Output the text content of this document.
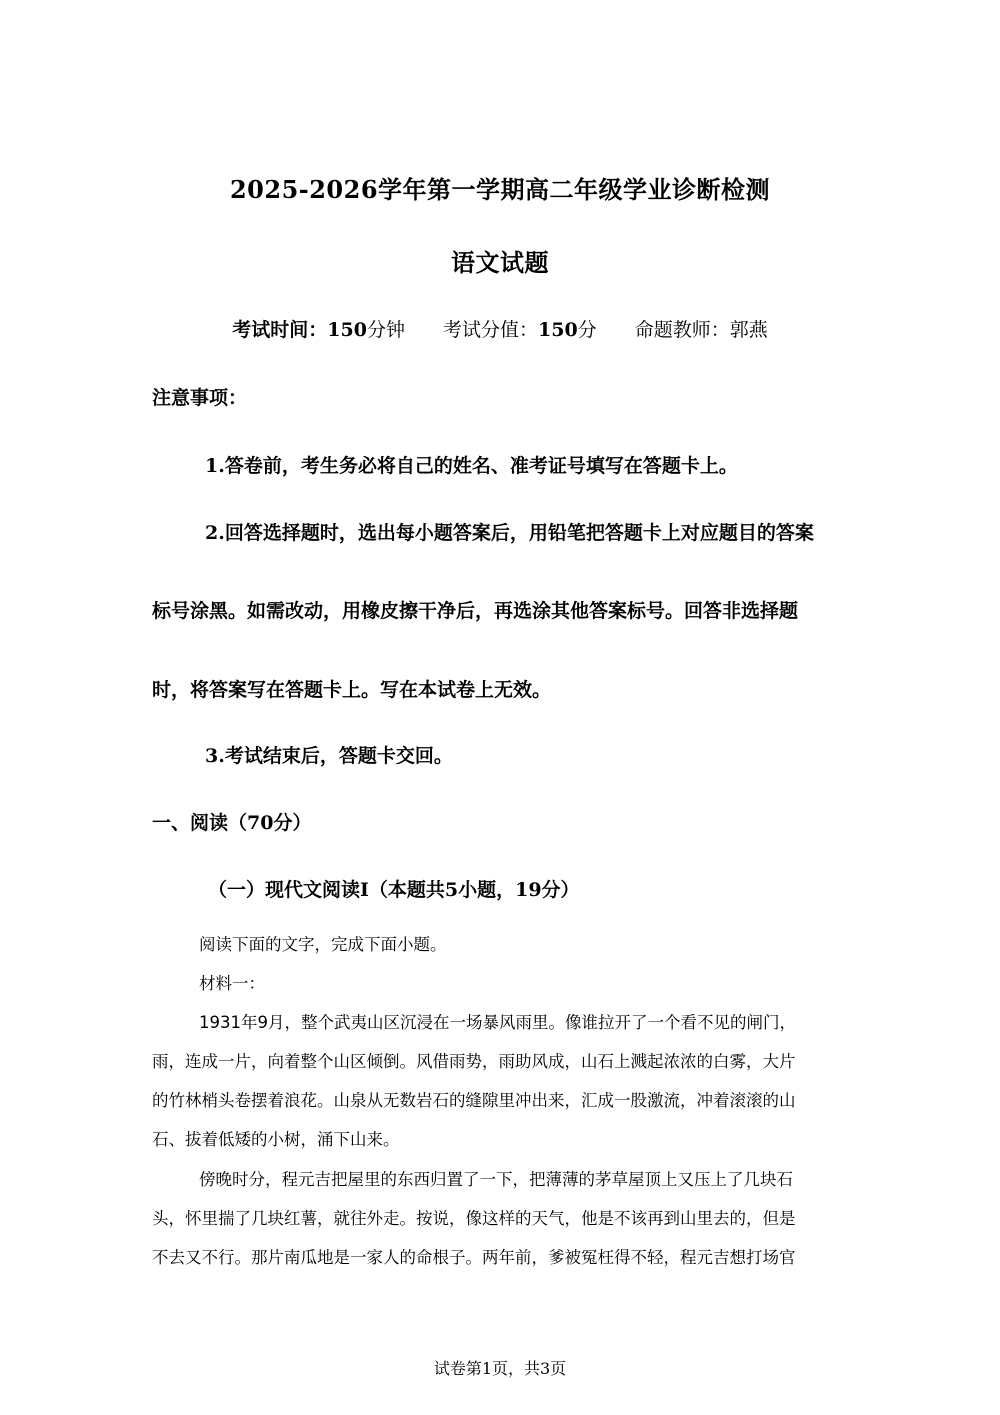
2025-2026学年第一学期高二年级学业诊断检测
语文试题
考试时间：150分钟 考试分值：150分 命题教师：郭燕
注意事项：
1.答卷前，考生务必将自己的姓名、准考证号填写在答题卡上。
2.回答选择题时，选出每小题答案后，用铅笔把答题卡上对应题目的答案
标号涂黑。如需改动，用橡皮擦干净后，再选涂其他答案标号。回答非选择题
时，将答案写在答题卡上。写在本试卷上无效。
3.考试结束后，答题卡交回。
一、阅读（70分）
（一）现代文阅读I（本题共5小题，19分）
阅读下面的文字，完成下面小题。
材料一：
1931年9月，整个武夷山区沉浸在一场暴风雨里。像谁拉开了一个看不见的闸门，
雨，连成一片，向着整个山区倾倒。风借雨势，雨助风成，山石上溅起浓浓的白雾，大片
的竹林梢头卷摆着浪花。山泉从无数岩石的缝隙里冲出来，汇成一股激流，冲着滚滚的山
石、拔着低矮的小树，涌下山来。
傍晚时分，程元吉把屋里的东西归置了一下，把薄薄的茅草屋顶上又压上了几块石
头，怀里揣了几块红薯，就往外走。按说，像这样的天气，他是不该再到山里去的，但是
不去又不行。那片南瓜地是一家人的命根子。两年前，爹被冤枉得不轻，程元吉想打场官
试卷第1页，共3页
